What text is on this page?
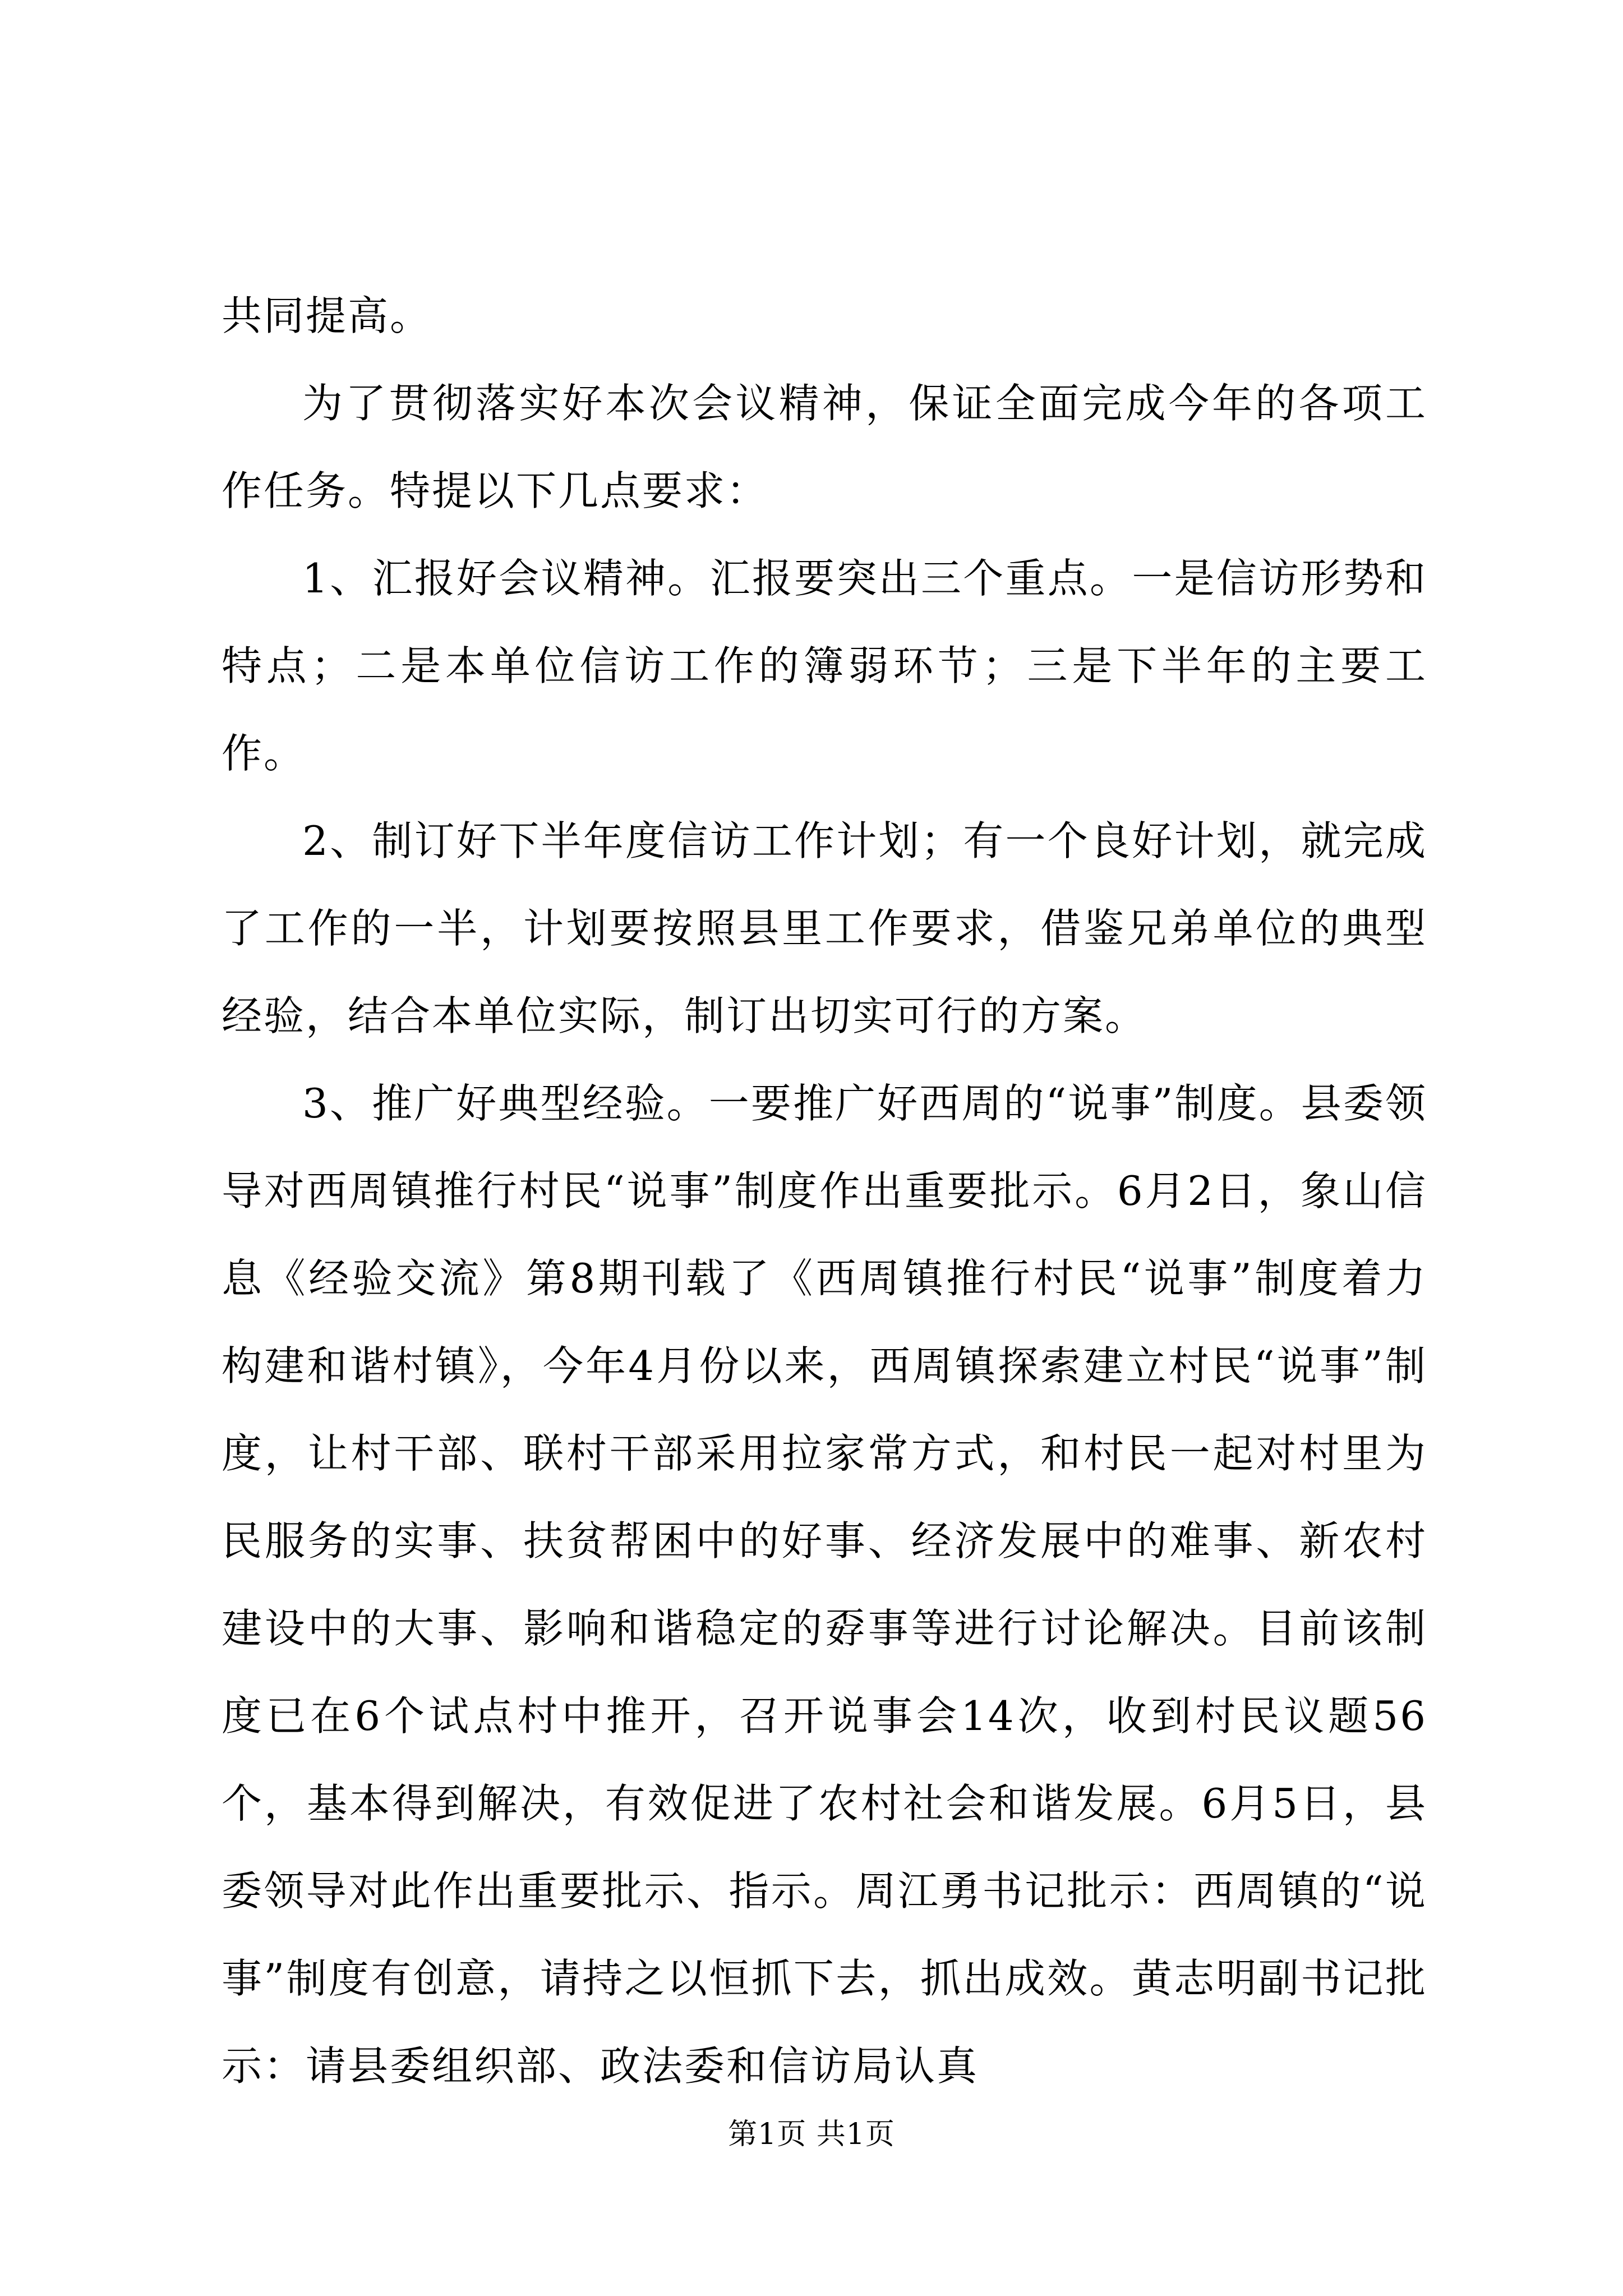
共同提高。

为了贯彻落实好本次会议精神，保证全面完成今年的各项工作任务。特提以下几点要求：

1、汇报好会议精神。汇报要突出三个重点。一是信访形势和特点；二是本单位信访工作的簿弱环节；三是下半年的主要工作。

2、制订好下半年度信访工作计划；有一个良好计划，就完成了工作的一半，计划要按照县里工作要求，借鉴兄弟单位的典型经验，结合本单位实际，制订出切实可行的方案。

3、推广好典型经验。一要推广好西周的“说事”制度。县委领导对西周镇推行村民“说事”制度作出重要批示。6月2日，象山信息《经验交流》第8期刊载了《西周镇推行村民“说事”制度着力构建和谐村镇》，今年4月份以来，西周镇探索建立村民“说事”制度，让村干部、联村干部采用拉家常方式，和村民一起对村里为民服务的实事、扶贫帮困中的好事、经济发展中的难事、新农村建设中的大事、影响和谐稳定的孬事等进行讨论解决。目前该制度已在6个试点村中推开，召开说事会14次，收到村民议题56个，基本得到解决，有效促进了农村社会和谐发展。6月5日，县委领导对此作出重要批示、指示。周江勇书记批示：西周镇的“说事”制度有创意，请持之以恒抓下去，抓出成效。黄志明副书记批示：请县委组织部、政法委和信访局认真

第1页 共1页
